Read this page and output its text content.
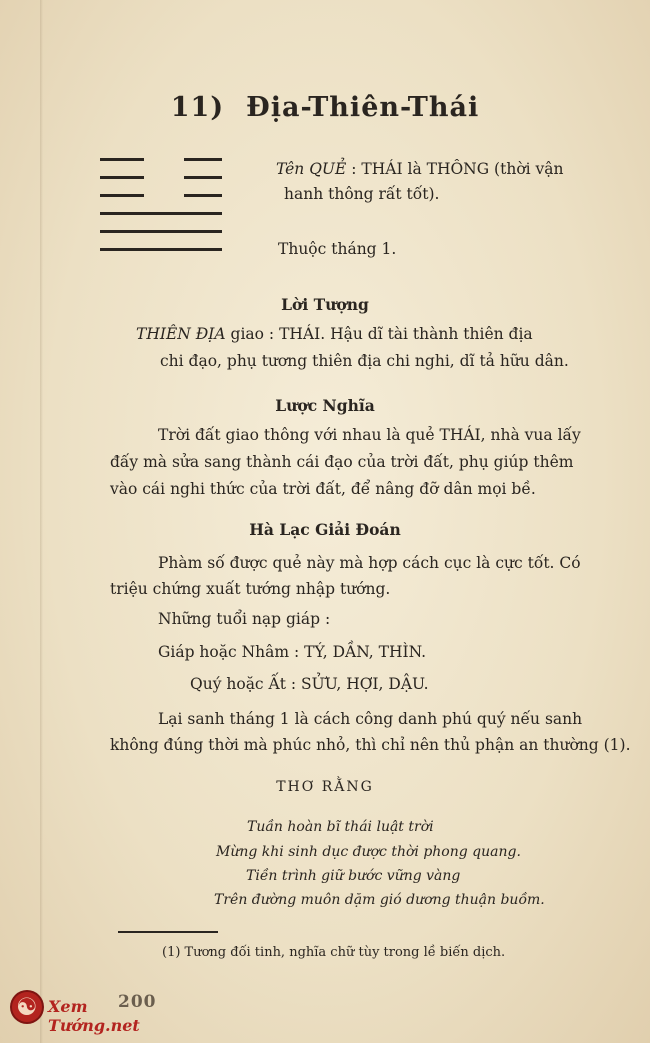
11) Địa-Thiên-Thái
Tên QUẺ : THÁI là THÔNG (thời vận
hanh thông rất tốt).
Thuộc tháng 1.
Lời Tượng
THIÊN ĐỊA giao : THÁI. Hậu dĩ tài thành thiên địa
chi đạo, phụ tương thiên địa chi nghi, dĩ tả hữu dân.
Lược Nghĩa
Trời đất giao thông với nhau là quẻ THÁI, nhà vua lấy
đấy mà sửa sang thành cái đạo của trời đất, phụ giúp thêm
vào cái nghi thức của trời đất, để nâng đỡ dân mọi bề.
Hà Lạc Giải Đoán
Phàm số được quẻ này mà hợp cách cục là cực tốt. Có
triệu chứng xuất tướng nhập tướng.
Những tuổi nạp giáp :
Giáp hoặc Nhâm : TÝ, DẦN, THÌN.
Quý hoặc Ất : SỬU, HỢI, DẬU.
Lại sanh tháng 1 là cách công danh phú quý nếu sanh
không đúng thời mà phúc nhỏ, thì chỉ nên thủ phận an thường (1).
THƠ RẰNG
Tuần hoàn bĩ thái luật trời
Mừng khi sinh dục được thời phong quang.
Tiền trình giữ bước vững vàng
Trên đường muôn dặm gió dương thuận buồm.
(1) Tương đối tinh, nghĩa chữ tùy trong lề biến dịch.
200
☯
Xem Tướng.net
